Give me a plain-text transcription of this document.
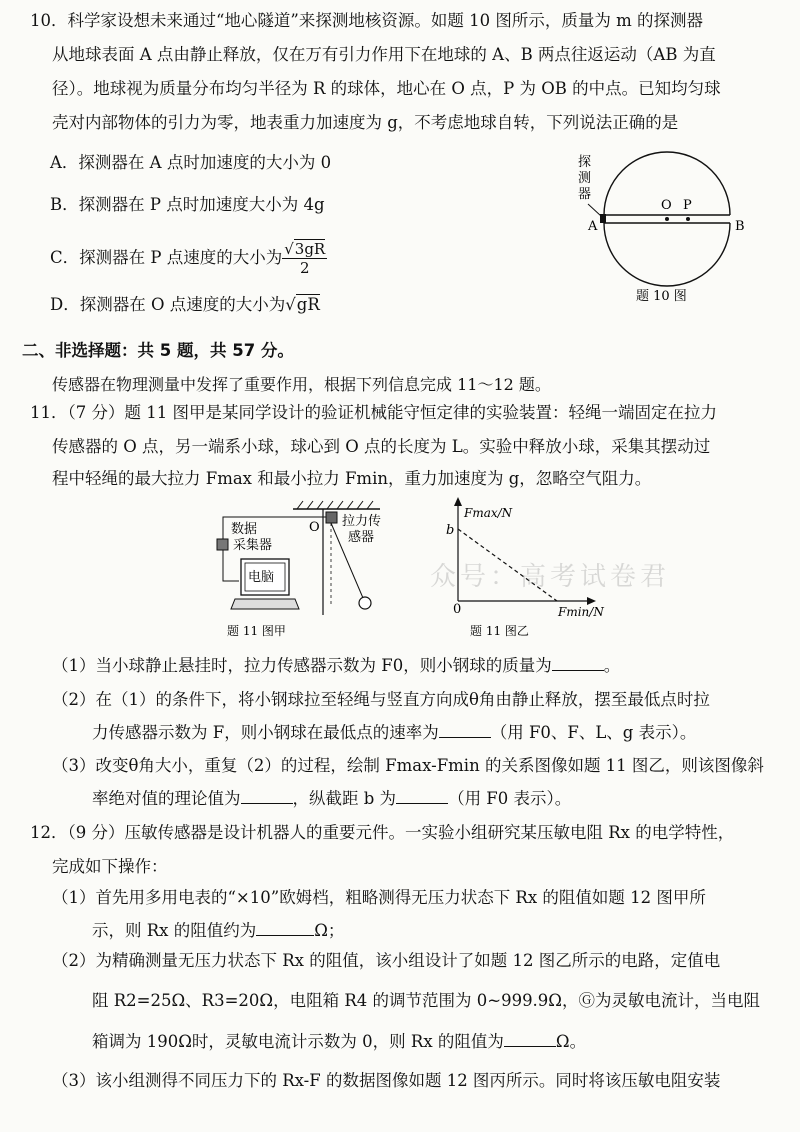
10．科学家设想未来通过“地心隧道”来探测地核资源。如题 10 图所示，质量为 m 的探测器
从地球表面 A 点由静止释放，仅在万有引力作用下在地球的 A、B 两点往返运动（AB 为直
径）。地球视为质量分布均匀半径为 R 的球体，地心在 O 点，P 为 OB 的中点。已知均匀球
壳对内部物体的引力为零，地表重力加速度为 g，不考虑地球自转，下列说法正确的是
A．探测器在 A 点时加速度的大小为 0
B．探测器在 P 点时加速度大小为 4g
C．探测器在 P 点速度的大小为 $\frac{√3gR}{2}$
D．探测器在 O 点速度的大小为√gR
探
测
器
A	B
O P
题 10 图
二、非选择题：共 5 题，共 57 分。
传感器在物理测量中发挥了重要作用，根据下列信息完成 11～12 题。
11．（7 分）题 11 图甲是某同学设计的验证机械能守恒定律的实验装置：轻绳一端固定在拉力
传感器的 O 点，另一端系小球，球心到 O 点的长度为 L。实验中释放小球，采集其摆动过
程中轻绳的最大拉力 Fmax 和最小拉力 Fmin，重力加速度为 g，忽略空气阻力。
电脑
数据
采集器
O 拉力传
感器
题 11 图甲
Fmax/N
Fmin/N
b
0
题 11 图乙
众号：高考试卷君
（1）当小球静止悬挂时，拉力传感器示数为 F0，则小钢球的质量为	。
（2）在（1）的条件下，将小钢球拉至轻绳与竖直方向成θ角由静止释放，摆至最低点时拉
力传感器示数为 F，则小钢球在最低点的速率为	（用 F0、F、L、g 表示）。
（3）改变θ角大小，重复（2）的过程，绘制 Fmax-Fmin 的关系图像如题 11 图乙，则该图像斜
率绝对值的理论值为	，纵截距 b 为	（用 F0 表示）。
12．（9 分）压敏传感器是设计机器人的重要元件。一实验小组研究某压敏电阻 Rx 的电学特性，
完成如下操作：
（1）首先用多用电表的“×10”欧姆档，粗略测得无压力状态下 Rx 的阻值如题 12 图甲所
示，则 Rx 的阻值约为	Ω；
（2）为精确测量无压力状态下 Rx 的阻值，该小组设计了如题 12 图乙所示的电路，定值电
阻 R2=25Ω、R3=20Ω，电阻箱 R4 的调节范围为 0~999.9Ω，Ⓖ为灵敏电流计，当电阻
箱调为 190Ω时，灵敏电流计示数为 0，则 Rx 的阻值为	Ω。
（3）该小组测得不同压力下的 Rx-F 的数据图像如题 12 图丙所示。同时将该压敏电阻安装
